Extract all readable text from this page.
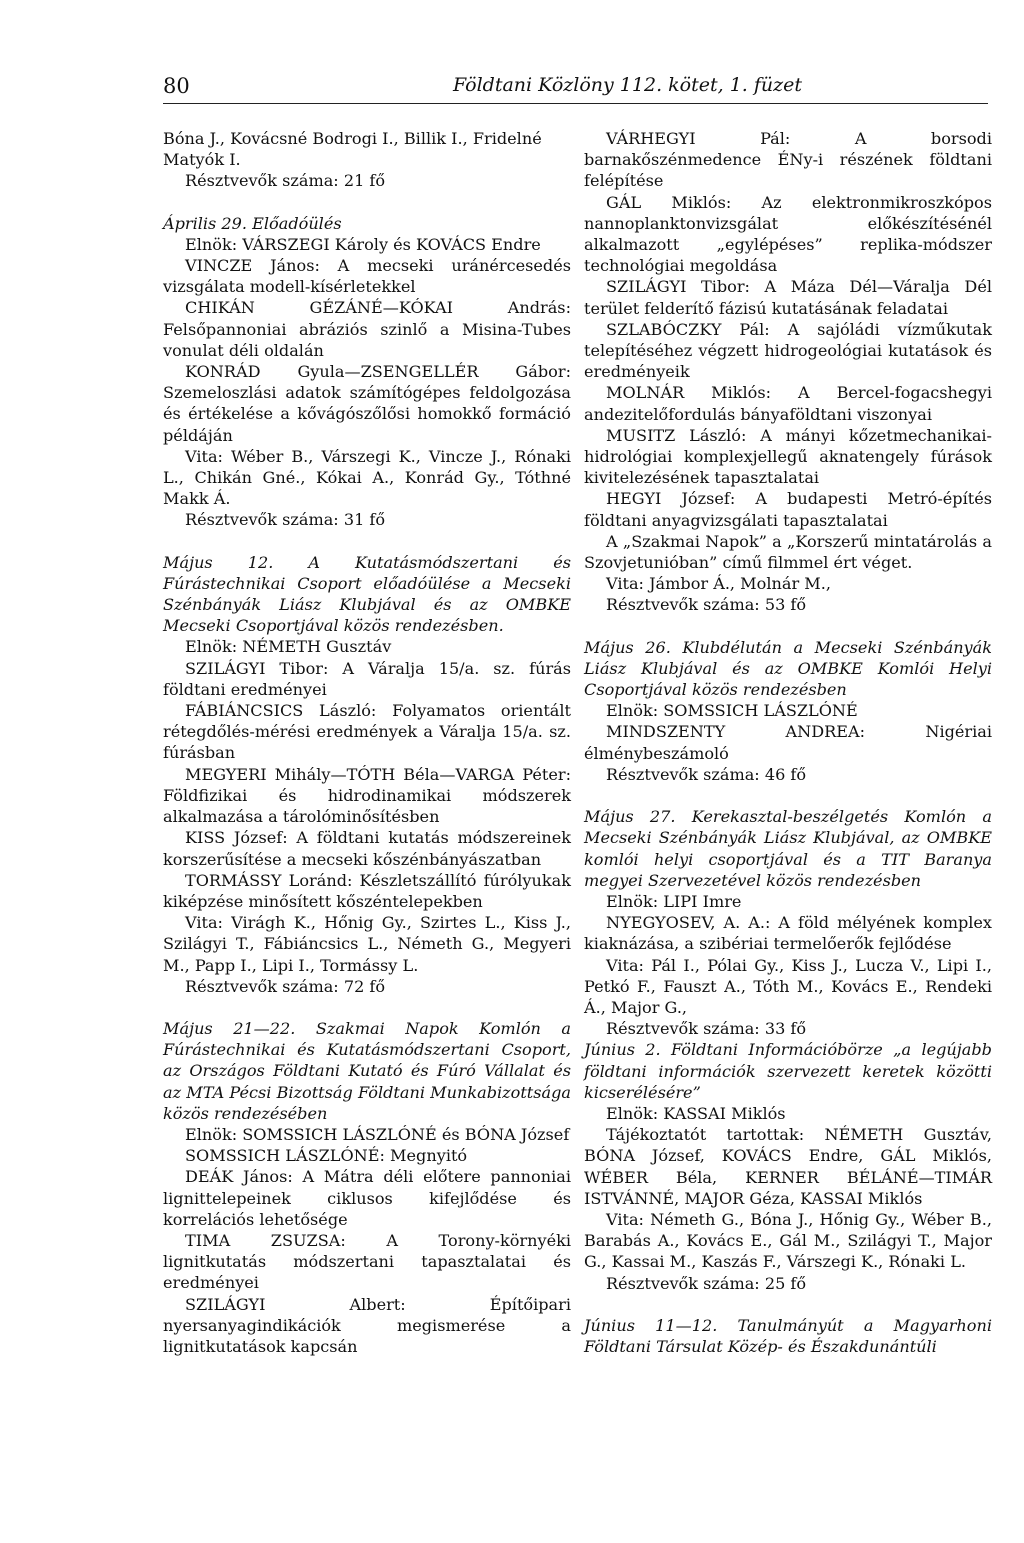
80	Földtani Közlöny 112. kötet, 1. füzet
Bóna J., Kovácsné Bodrogi I., Billik I., Fridelné Matyók I.
Résztvevők száma: 21 fő
Április 29. Előadóülés
Elnök: VÁRSZEGI Károly és KOVÁCS Endre
VINCZE János: A mecseki uránércesedés vizsgálata modell-kísérletekkel
CHIKÁN GÉZÁNÉ—KÓKAI András: Felsőpannoniai abráziós szinlő a Misina-Tubes vonulat déli oldalán
KONRÁD Gyula—ZSENGELLÉR Gábor: Szemeloszlási adatok számítógépes feldolgozása és értékelése a kővágószőlősi homokkő formáció példáján
Vita: Wéber B., Várszegi K., Vincze J., Rónaki L., Chikán Gné., Kókai A., Konrád Gy., Tóthné Makk Á.
Résztvevők száma: 31 fő
Május 12. A Kutatásmódszertani és Fúrástechnikai Csoport előadóülése a Mecseki Szénbányák Liász Klubjával és az OMBKE Mecseki Csoportjával közös rendezésben.
Elnök: NÉMETH Gusztáv
SZILÁGYI Tibor: A Váralja 15/a. sz. fúrás földtani eredményei
FÁBIÁNCSICS László: Folyamatos orientált rétegdőlés-mérési eredmények a Váralja 15/a. sz. fúrásban
MEGYERI Mihály—TÓTH Béla—VARGA Péter: Földfizikai és hidrodinamikai módszerek alkalmazása a tárolóminősítésben
KISS József: A földtani kutatás módszereinek korszerűsítése a mecseki kőszénbányászatban
TORMÁSSY Loránd: Készletszállító fúrólyukak kiképzése minősített kőszéntelepekben
Vita: Virágh K., Hőnig Gy., Szirtes L., Kiss J., Szilágyi T., Fábiáncsics L., Németh G., Megyeri M., Papp I., Lipi I., Tormássy L.
Résztvevők száma: 72 fő
Május 21—22. Szakmai Napok Komlón a Fúrástechnikai és Kutatásmódszertani Csoport, az Országos Földtani Kutató és Fúró Vállalat és az MTA Pécsi Bizottság Földtani Munkabizottsága közös rendezésében
Elnök: SOMSSICH LÁSZLÓNÉ és BÓNA József
SOMSSICH LÁSZLÓNÉ: Megnyitó
DEÁK János: A Mátra déli előtere pannoniai lignittelepeinek ciklusos kifejlődése és korrelációs lehetősége
TIMA ZSUZSA: A Torony-környéki lignitkutatás módszertani tapasztalatai és eredményei
SZILÁGYI Albert: Építőipari nyersanyagindikációk megismerése a lignitkutatások kapcsán
VÁRHEGYI Pál: A borsodi barnakőszénmedence ÉNy-i részének földtani felépítése
GÁL Miklós: Az elektronmikroszkópos nannoplanktonvizsgálat előkészítésénél alkalmazott „egylépéses” replika-módszer technológiai megoldása
SZILÁGYI Tibor: A Máza Dél—Váralja Dél terület felderítő fázisú kutatásának feladatai
SZLABÓCZKY Pál: A sajóládi vízműkutak telepítéséhez végzett hidrogeológiai kutatások és eredményeik
MOLNÁR Miklós: A Bercel-fogacshegyi andezitelőfordulás bányaföldtani viszonyai
MUSITZ László: A mányi kőzetmechanikai-hidrológiai komplexjellegű aknatengely fúrások kivitelezésének tapasztalatai
HEGYI József: A budapesti Metró-építés földtani anyagvizsgálati tapasztalatai
A „Szakmai Napok” a „Korszerű mintatárolás a Szovjetunióban” című filmmel ért véget.
Vita: Jámbor Á., Molnár M.,
Résztvevők száma: 53 fő
Május 26. Klubdélután a Mecseki Szénbányák Liász Klubjával és az OMBKE Komlói Helyi Csoportjával közös rendezésben
Elnök: SOMSSICH LÁSZLÓNÉ
MINDSZENTY ANDREA: Nigériai élménybeszámoló
Résztvevők száma: 46 fő
Május 27. Kerekasztal-beszélgetés Komlón a Mecseki Szénbányák Liász Klubjával, az OMBKE komlói helyi csoportjával és a TIT Baranya megyei Szervezetével közös rendezésben
Elnök: LIPI Imre
NYEGYOSEV, A. A.: A föld mélyének komplex kiaknázása, a szibériai termelőerők fejlődése
Vita: Pál I., Pólai Gy., Kiss J., Lucza V., Lipi I., Petkó F., Fauszt A., Tóth M., Kovács E., Rendeki Á., Major G.,
Résztvevők száma: 33 fő
Június 2. Földtani Információbörze „a legújabb földtani információk szervezett keretek közötti kicserélésére”
Elnök: KASSAI Miklós
Tájékoztatót tartottak: NÉMETH Gusztáv, BÓNA József, KOVÁCS Endre, GÁL Miklós, WÉBER Béla, KERNER BÉLÁNÉ—TIMÁR ISTVÁNNÉ, MAJOR Géza, KASSAI Miklós
Vita: Németh G., Bóna J., Hőnig Gy., Wéber B., Barabás A., Kovács E., Gál M., Szilágyi T., Major G., Kassai M., Kaszás F., Várszegi K., Rónaki L.
Résztvevők száma: 25 fő
Június 11—12. Tanulmányút a Magyarhoni Földtani Társulat Közép- és Északdunántúli
